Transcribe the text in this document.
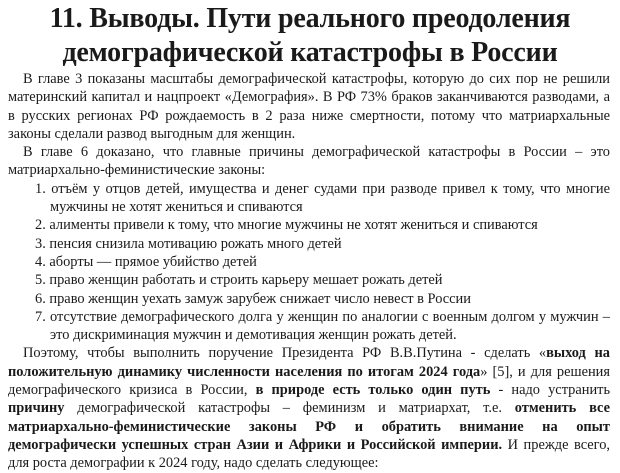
11. Выводы. Пути реального преодоления демографической катастрофы в России

В главе 3 показаны масштабы демографической катастрофы, которую до сих пор не решили материнский капитал и нацпроект «Демография». В РФ 73% браков заканчиваются разводами, а в русских регионах РФ рождаемость в 2 раза ниже смертности, потому что матриархальные законы сделали развод выгодным для женщин.

В главе 6 доказано, что главные причины демографической катастрофы в России – это матриархально-феминистические законы:

1. отъём у отцов детей, имущества и денег судами при разводе привел к тому, что многие мужчины не хотят жениться и спиваются
2. алименты привели к тому, что многие мужчины не хотят жениться и спиваются
3. пенсия снизила мотивацию рожать много детей
4. аборты — прямое убийство детей
5. право женщин работать и строить карьеру мешает рожать детей
6. право женщин уехать замуж зарубеж снижает число невест в России
7. отсутствие демографического долга у женщин по аналогии с военным долгом у мужчин – это дискриминация мужчин и демотивация женщин рожать детей.

Поэтому, чтобы выполнить поручение Президента РФ В.В.Путина - сделать «выход на положительную динамику численности населения по итогам 2024 года» [5], и для решения демографического кризиса в России, в природе есть только один путь - надо устранить причину демографической катастрофы – феминизм и матриархат, т.е. отменить все матриархально-феминистические законы РФ и обратить внимание на опыт демографически успешных стран Азии и Африки и Российской империи. И прежде всего, для роста демографии к 2024 году, надо сделать следующее:
